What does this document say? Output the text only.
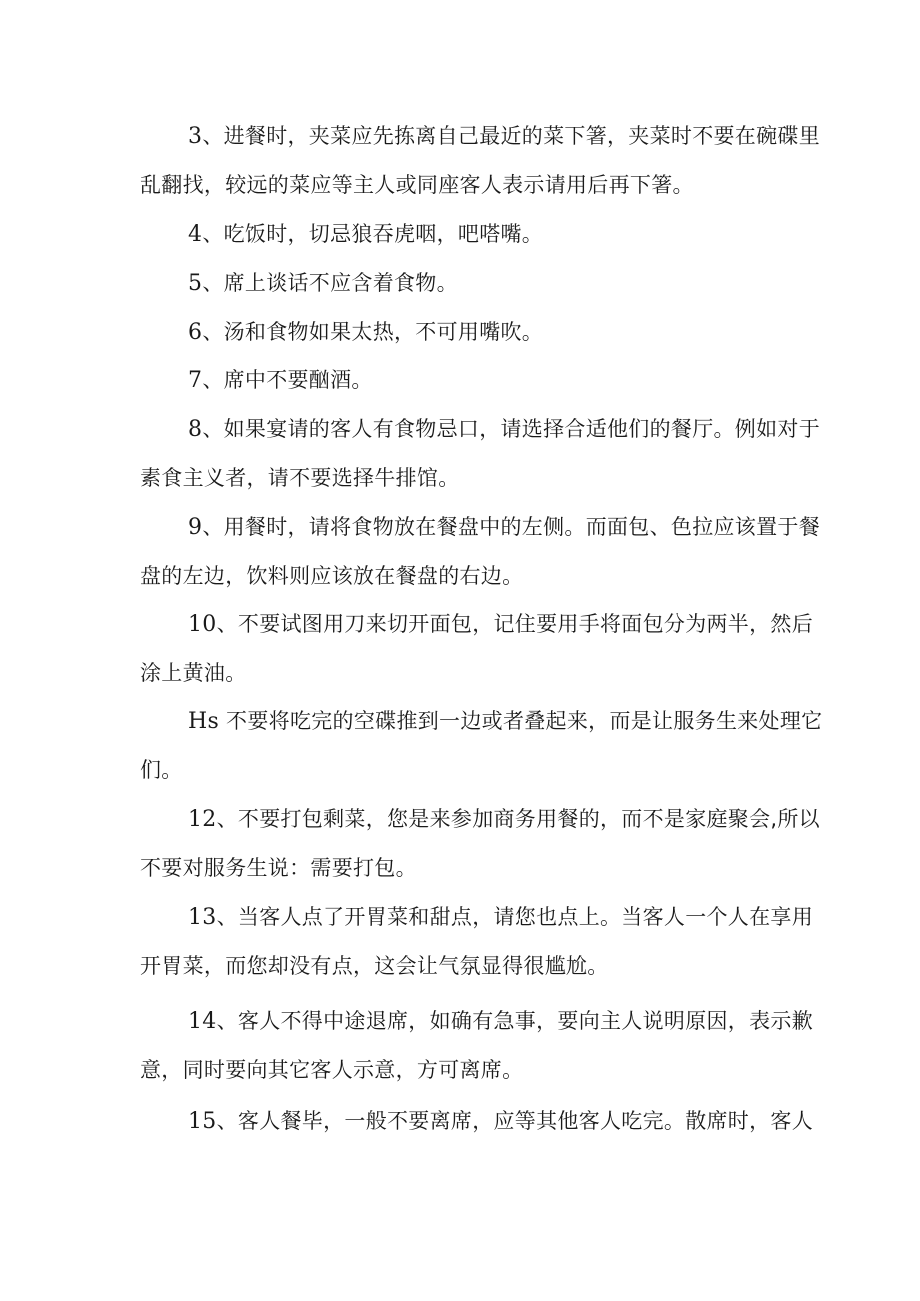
3、进餐时，夹菜应先拣离自己最近的菜下箸，夹菜时不要在碗碟里
乱翻找，较远的菜应等主人或同座客人表示请用后再下箸。

4、吃饭时，切忌狼吞虎咽，吧嗒嘴。

5、席上谈话不应含着食物。

6、汤和食物如果太热，不可用嘴吹。

7、席中不要酗酒。

8、如果宴请的客人有食物忌口，请选择合适他们的餐厅。例如对于
素食主义者，请不要选择牛排馆。

9、用餐时，请将食物放在餐盘中的左侧。而面包、色拉应该置于餐
盘的左边，饮料则应该放在餐盘的右边。

10、不要试图用刀来切开面包，记住要用手将面包分为两半，然后
涂上黄油。

Hs 不要将吃完的空碟推到一边或者叠起来，而是让服务生来处理它
们。

12、不要打包剩菜，您是来参加商务用餐的，而不是家庭聚会,所以
不要对服务生说：需要打包。

13、当客人点了开胃菜和甜点，请您也点上。当客人一个人在享用
开胃菜，而您却没有点，这会让气氛显得很尴尬。

14、客人不得中途退席，如确有急事，要向主人说明原因，表示歉
意，同时要向其它客人示意，方可离席。

15、客人餐毕，一般不要离席，应等其他客人吃完。散席时，客人
